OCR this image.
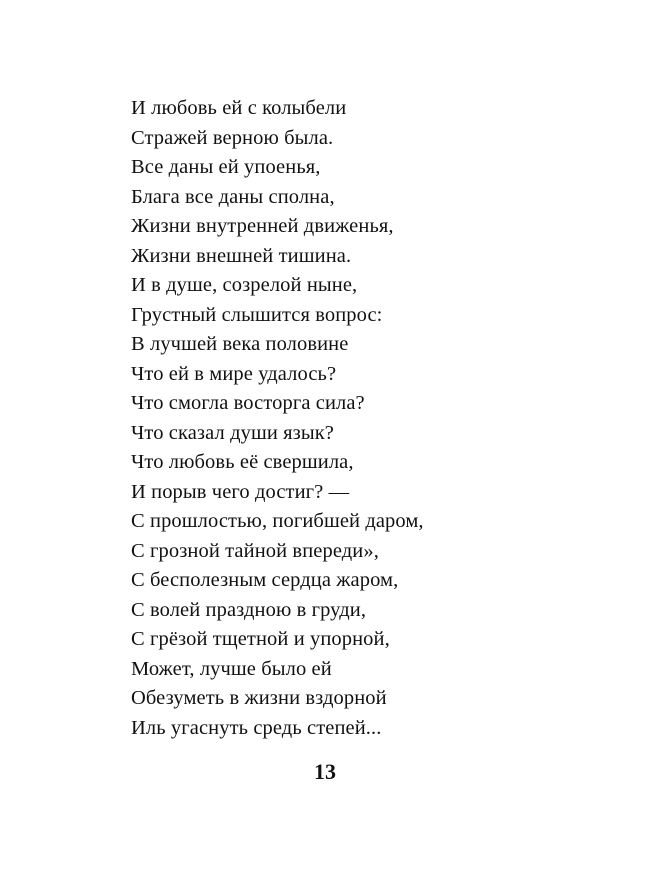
И любовь ей с колыбели
Стражей верною была.
Все даны ей упоенья,
Блага все даны сполна,
Жизни внутренней движенья,
Жизни внешней тишина.
И в душе, созрелой ныне,
Грустный слышится вопрос:
В лучшей века половине
Что ей в мире удалось?
Что смогла восторга сила?
Что сказал души язык?
Что любовь её свершила,
И порыв чего достиг? —
С прошлостью, погибшей даром,
С грозной тайной впереди»,
С бесполезным сердца жаром,
С волей праздною в груди,
С грёзой тщетной и упорной,
Может, лучше было ей
Обезуметь в жизни вздорной
Иль угаснуть средь степей...
13
